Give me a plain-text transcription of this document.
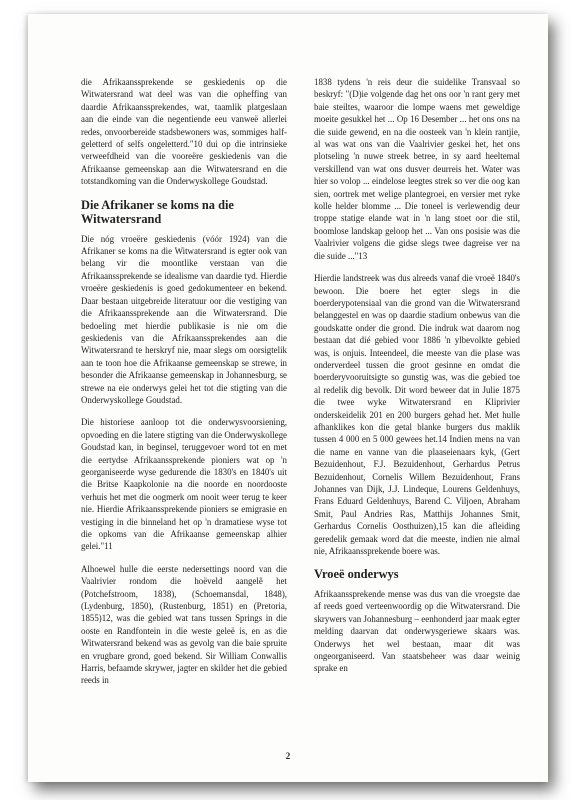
die Afrikaanssprekende se geskiedenis op die Witwatersrand wat deel was van die opheffing van daardie Afrikaanssprekendes, wat, taamlik platgeslaan aan die einde van die negentiende eeu vanweë allerlei redes, onvoorbereide stadsbewoners was, sommiges half-geletterd of selfs ongeletterd."10 dui op die intrinsieke verweefdheid van die vooreëre geskiedenis van die Afrikaanse gemeenskap aan die Witwatersrand en die totstandkoming van die Onderwyskollege Goudstad.

Die Afrikaner se koms na die Witwatersrand

Die nóg vroeëre geskiedenis (vóór 1924) van die Afrikaner se koms na die Witwatersrand is egter ook van belang vir die moontlike verstaan van die Afrikaanssprekende se idealisme van daardie tyd. Hierdie vroeëre geskiedenis is goed gedokumenteer en bekend. Daar bestaan uitgebreide literatuur oor die vestiging van die Afrikaanssprekende aan die Witwatersrand. Die bedoeling met hierdie publikasie is nie om die geskiedenis van die Afrikaanssprekendes aan die Witwatersrand te herskryf nie, maar slegs om oorsigtelik aan te toon hoe die Afrikaanse gemeenskap se strewe, in besonder die Afrikaanse gemeenskap in Johannesburg, se strewe na eie onderwys gelei het tot die stigting van die Onderwyskollege Goudstad.

Die historiese aanloop tot die onderwysvoorsiening, opvoeding en die latere stigting van die Onderwyskollege Goudstad kan, in beginsel, teruggevoer word tot en met die eertydse Afrikaanssprekende pioniers wat op 'n georganiseerde wyse gedurende die 1830's en 1840's uit die Britse Kaapkolonie na die noorde en noordooste verhuis het met die oogmerk om nooit weer terug te keer nie. Hierdie Afrikaanssprekende pioniers se emigrasie en vestiging in die binneland het op 'n dramatiese wyse tot die opkoms van die Afrikaanse gemeenskap alhier gelei."11

Alhoewel hulle die eerste nedersettings noord van die Vaalrivier rondom die hoëveld aangelê het (Potchefstroom, 1838), (Schoemansdal, 1848), (Lydenburg, 1850), (Rustenburg, 1851) en (Pretoria, 1855)12, was die gebied wat tans tussen Springs in die ooste en Randfontein in die weste geleë is, en as die Witwatersrand bekend was as gevolg van die baie spruite en vrugbare grond, goed bekend. Sir William Conwallis Harris, befaamde skrywer, jagter en skilder het die gebied reeds in

1838 tydens 'n reis deur die suidelike Transvaal so beskryf: "(D)ie volgende dag het ons oor 'n rant gery met baie steiltes, waaroor die lompe waens met geweldige moeite gesukkel het ... Op 16 Desember ... het ons ons na die suide gewend, en na die oosteek van 'n klein rantjie, al was wat ons van die Vaalrivier geskei het, het ons plotseling 'n nuwe streek betree, in sy aard heeltemal verskillend van wat ons dusver deurreis het. Water was hier so volop ... eindelose leegtes strek so ver die oog kan sien, oortrek met welige plantegroei, en versier met ryke kolle helder blomme ... Die toneel is verlewendig deur troppe statige elande wat in 'n lang stoet oor die stil, boomlose landskap geloop het ... Van ons posisie was die Vaalrivier volgens die gidse slegs twee dagreise ver na die suide ..."13

Hierdie landstreek was dus alreeds vanaf die vroeë 1840's bewoon. Die boere het egter slegs in die boerderypotensiaal van die grond van die Witwatersrand belanggestel en was op daardie stadium onbewus van die goudskatte onder die grond. Die indruk wat daarom nog bestaan dat dié gebied voor 1886 'n ylbevolkte gebied was, is onjuis. Inteendeel, die meeste van die plase was onderverdeel tussen die groot gesinne en omdat die boerderyvooruitsigte so gunstig was, was die gebied toe al redelik dig bevolk. Dit word beweer dat in Julie 1875 die twee wyke Witwatersrand en Kliprivier onderskeidelik 201 en 200 burgers gehad het. Met hulle afhanklikes kon die getal blanke burgers dus maklik tussen 4 000 en 5 000 gewees het.14 Indien mens na van die name en vanne van die plaaseienaars kyk, (Gert Bezuidenhout, F.J. Bezuidenhout, Gerhardus Petrus Bezuidenhout, Cornelis Willem Bezuidenhout, Frans Johannes van Dijk, J.J. Lindeque, Lourens Geldenhuys, Frans Eduard Geldenhuys, Barend C. Viljoen, Abraham Smit, Paul Andries Ras, Matthijs Johannes Smit, Gerhardus Cornelis Oosthuizen),15 kan die afleiding geredelik gemaak word dat die meeste, indien nie almal nie, Afrikaanssprekende boere was.

Vroeë onderwys

Afrikaanssprekende mense was dus van die vroegste dae af reeds goed verteenwoordig op die Witwatersrand. Die skrywers van Johannesburg – eenhonderd jaar maak egter melding daarvan dat onderwysgeriewe skaars was. Onderwys het wel bestaan, maar dit was ongeorganiseerd. Van staatsbeheer was daar weinig sprake en

2
